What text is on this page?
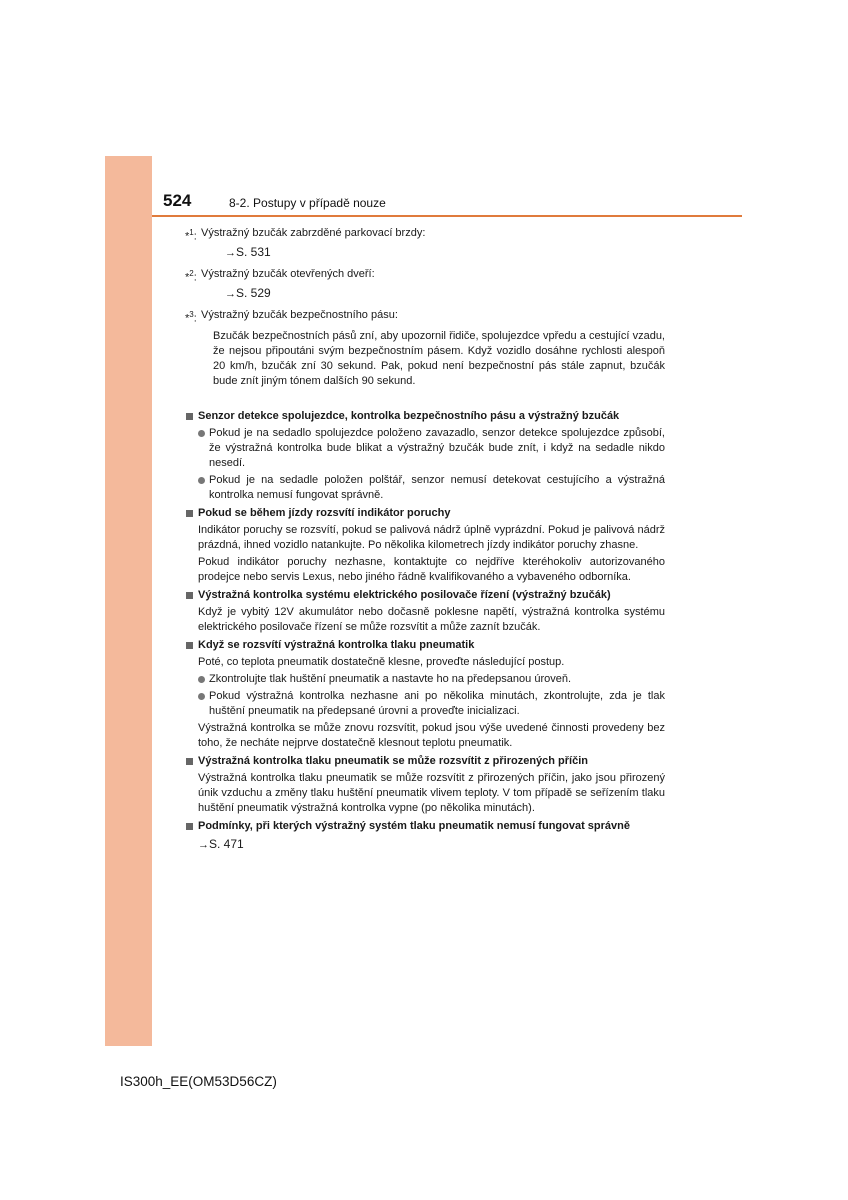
524	8-2. Postupy v případě nouze
*$^1$: Výstražný bzučák zabrzděné parkovací brzdy:
→S. 531
*$^2$: Výstražný bzučák otevřených dveří:
→S. 529
*$^3$: Výstražný bzučák bezpečnostního pásu:
Bzučák bezpečnostních pásů zní, aby upozornil řidiče, spolujezdce vpředu a cestující vzadu, že nejsou připoutáni svým bezpečnostním pásem. Když vozidlo dosáhne rychlosti alespoň 20 km/h, bzučák zní 30 sekund. Pak, pokud není bezpečnostní pás stále zapnut, bzučák bude znít jiným tónem dalších 90 sekund.
Senzor detekce spolujezdce, kontrolka bezpečnostního pásu a výstražný bzučák
Pokud je na sedadlo spolujezdce položeno zavazadlo, senzor detekce spolujezdce způsobí, že výstražná kontrolka bude blikat a výstražný bzučák bude znít, i když na sedadle nikdo nesedí.
Pokud je na sedadle položen polštář, senzor nemusí detekovat cestujícího a výstražná kontrolka nemusí fungovat správně.
Pokud se během jízdy rozsvítí indikátor poruchy
Indikátor poruchy se rozsvítí, pokud se palivová nádrž úplně vyprázdní. Pokud je palivová nádrž prázdná, ihned vozidlo natankujte. Po několika kilometrech jízdy indikátor poruchy zhasne.
Pokud indikátor poruchy nezhasne, kontaktujte co nejdříve kteréhokoliv autorizovaného prodejce nebo servis Lexus, nebo jiného řádně kvalifikovaného a vybaveného odborníka.
Výstražná kontrolka systému elektrického posilovače řízení (výstražný bzučák)
Když je vybitý 12V akumulátor nebo dočasně poklesne napětí, výstražná kontrolka systému elektrického posilovače řízení se může rozsvítit a může zaznít bzučák.
Když se rozsvítí výstražná kontrolka tlaku pneumatik
Poté, co teplota pneumatik dostatečně klesne, proveďte následující postup.
Zkontrolujte tlak huštění pneumatik a nastavte ho na předepsanou úroveň.
Pokud výstražná kontrolka nezhasne ani po několika minutách, zkontrolujte, zda je tlak huštění pneumatik na předepsané úrovni a proveďte inicializaci.
Výstražná kontrolka se může znovu rozsvítit, pokud jsou výše uvedené činnosti provedeny bez toho, že necháte nejprve dostatečně klesnout teplotu pneumatik.
Výstražná kontrolka tlaku pneumatik se může rozsvítit z přirozených příčin
Výstražná kontrolka tlaku pneumatik se může rozsvítit z přirozených příčin, jako jsou přirozený únik vzduchu a změny tlaku huštění pneumatik vlivem teploty. V tom případě se seřízením tlaku huštění pneumatik výstražná kontrolka vypne (po několika minutách).
Podmínky, při kterých výstražný systém tlaku pneumatik nemusí fungovat správně
→S. 471
IS300h_EE(OM53D56CZ)
